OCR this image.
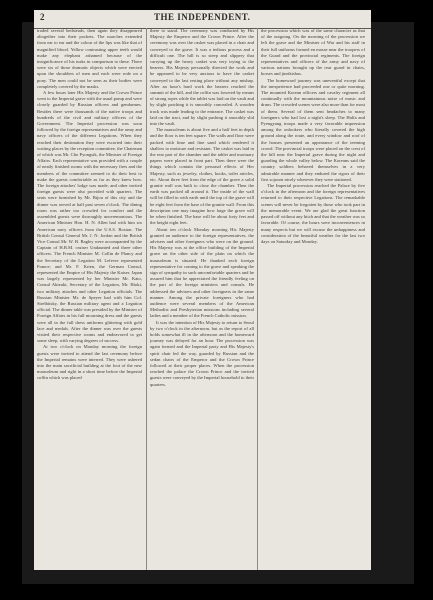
2	THE INDEPENDENT.

traded several bedsteads, then again they disappeared altogether into their pockets. The marches extended from ear to ear and the colour of the lips was like that of magnified blood. Yellow contrasting upper teeth would make any elephant ashamed because of the insignificance of his tusks in comparison to these. There were six of those dramatic objects which were erected upon the shoulders of men and each were rode on a pony. The men could not be seen as their bodies were completely covered by the masks.

A few hours later His Majesty and the Crown Prince went to the Imperial grave with the usual pomp and were closely guarded by Russian officers and gendarmes. Besides there were thousands of the native troops and hundreds of the civil and military officers of the Government. The Imperial procession was soon followed by the foreign representatives and the army and navy officers of the different Legations. When they reached their destination they were escorted into their waiting places by the reception committee, the Chairman of which was Mr. Cho Pyongsik, the Minister of Foreign Affairs. Each representative was provided with a couple of neatly finished rooms with the necessary fires and the members of the committee seemed to do their best to make the guests comfortable as far as they knew how. The foreign attaches' lodge was made, and other invited foreign guests were also provided with quarters. The seats were furnished by Mr. Bijou of this city and the dinner was served at half past seven o'clock. The dining room was rather too crowded for comfort and the assembled guests were thoroughly unceremonious. The American Minister Hon. H. N. Allen had with him six American navy officers from the U.S.S. Boston. The British Consul General Mr. J. N. Jordan and the British Vice Consul Mr. W. B. Bagley were accompanied by the Captain of H.B.M. cruiser Undaunted and three other officers. The French Minister M. Collin de Plancy and the Secretary of the Legation M. Lefevre represented France; and Mr. F. Krien, the German Consul, represented the Empire of His Majesty the Kaiser. Japan was largely represented by her Minister Mr. Kato, Consul Akizuki, Secretary of the Legation, Mr. Hioki, two military attaches and other Legation officials. The Russian Minister Mr. de Speyer had with him Col. Strelbitsky, the Russian military agent and a Legation official. The dinner table was presided by the Minister of Foreign Affairs in his full mourning dress and the guests were all in the full dress uniforms glittering with gold lace and medals. After the dinner was over the guests visited their respective rooms and endeavored to get some sleep, with varying degrees of success.

At two o'clock on Monday morning the foreign guests were invited to attend the last ceremony before the Imperial remains were interred. They were ushered into the main sacrificial building at the foot of the new mausoleum and right in a short time before the Imperial coffin which was placed

there to stand. The ceremony was conducted by His Majesty the Emperor and the Crown Prince. After the ceremony was over the casket was placed in a chair and conveyed to the grave. It was a tedious process and a difficult one. The hill is so steep and slippery that carrying up the heavy casket was very trying to the bearers. His Majesty personally directed the work and he appeared to be very anxious to have the casket conveyed to the last resting place without any mishap. After an hour's hard work the bearers reached the summit of the hill, and the coffin was lowered by means of strong ropes while the tablet was laid on the vault and by slight patching it is smoothly concealed. A wooden track was made leading to the entrance. The casket was laid on the tract, and by slight pushing it smoothly slid into the vault.

The mausoleum is about five and a half feet in depth and the floor is ten feet square. The walls and floor were packed with lime and fine sand which rendered it shallow to moisture and resistant. The casket was laid in the rear part of the chamber and the tablet and mortuary papers were placed in front part. Then there were the things which contain the personal effects of Her Majesty, such as jewelry, clothes, books, toilet articles, etc. About three feet from the edge of the grave a solid granite wall was built to close the chamber. Then the earth was packed all around it. The inside of the wall will be filled in with earth until the top of the grave will be eight feet from the base of the granite wall. From this description one may imagine how large the grave will be when finished. The base will be about forty feet and the height eight feet.

About ten o'clock Monday morning His Majesty granted an audience to the foreign representatives, the advisers and other foreigners who were on the ground. His Majesty was at the office building of the Imperial grave on the other side of the plain on which the mausoleum is situated. He thanked each foreign representative for coming to the grave and speaking the sign of sympathy in such uncomfortable quarters and he assured him that he appreciated the friendly feeling on the part of the foreign ministers and consuls. He addressed the advisers and other foreigners in the same manner. Among the private foreigners who had audience were several members of the American Methodist and Presbyterian missions including several ladies and a member of the French Catholic mission.

It was the intention of His Majesty to return to Seoul by two o'clock in the afternoon, but as the report of all holds somewhat ill in the afternoon and the homeward journey was delayed for an hour. The procession was again formed and the Imperial party and His Majesty's spirit chair led the way, guarded by Russian and the sedan chairs of the Emperor and the Crown Prince followed at their proper places. When the procession reached the palace the Crown Prince and the invited guests were conveyed by the Imperial household to their quarters.

the procession which was of the same character as that of the outgoing. On the morning of the procession we left the grave and the Minister of War and his staff in their full uniforms formed en masse near the troopers of the Guard and the provincial regiments. The foreign representatives and officers of the army and navy of various nations brought up the rear guard in chairs, horses and jinrikishas.

The homeward journey was uneventful except that the inexperience had proceeded one or quite morning. The mounted Korean officers and cavalry regiment all continually with the mountainous noise of music and drum. The crowded scenes were also more than for most of them. Several of them sent headaches to many foreigners who had lost a night's sleep. The Halfa and Pyengyang troops made a very favorable impression among the onlookers who literally covered the high ground along the route, and every window and roof of the houses presented an appearance of the teeming crowd. The provincial troops were placed on the crest of the hill near the Imperial grave during the night and guarding the whole valley below. The Koreans said the country soldiers behaved themselves in a very admirable manner and they endured the rigors of their first sojourn nicely wherever they were stationed.

The Imperial procession reached the Palace by five o'clock in the afternoon and the foreign representatives returned to their respective Legations. The remarkable scenes will never be forgotten by those who took part in the memorable event. We are glad the great function passed off without any hitch and that the weather was so favorable. Of course, the hours were inconveniences in many respects but we will excuse the unhappiness and consideration of the beautiful weather for the last two days on Saturday and Monday.
